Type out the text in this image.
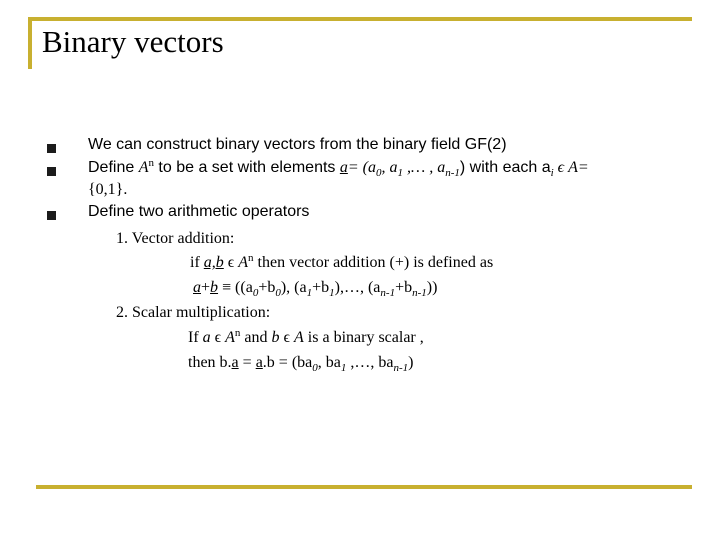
Binary vectors
We can construct binary vectors from the binary field GF(2)
Define $A^n$ to be a set with elements $a= (a_0$, $a_1$ ,… , $a_{n-1}$) with each $a_i$ ϵ A=
{0,1}.
Define two arithmetic operators
1. Vector addition:
if a,b ϵ $A^n$ then vector addition (+) is defined as
$a+b \equiv ((a_0+b_0)$, $(a_1+b_1),\dots$, $(a_{n-1}+b_{n-1})$)
2. Scalar multiplication:
If a ϵ $A^n$ and b ϵ A is a binary scalar ,
then $b.a = a.b = (ba_0$, $ba_1$ ,…, $ba_{n-1}$)
